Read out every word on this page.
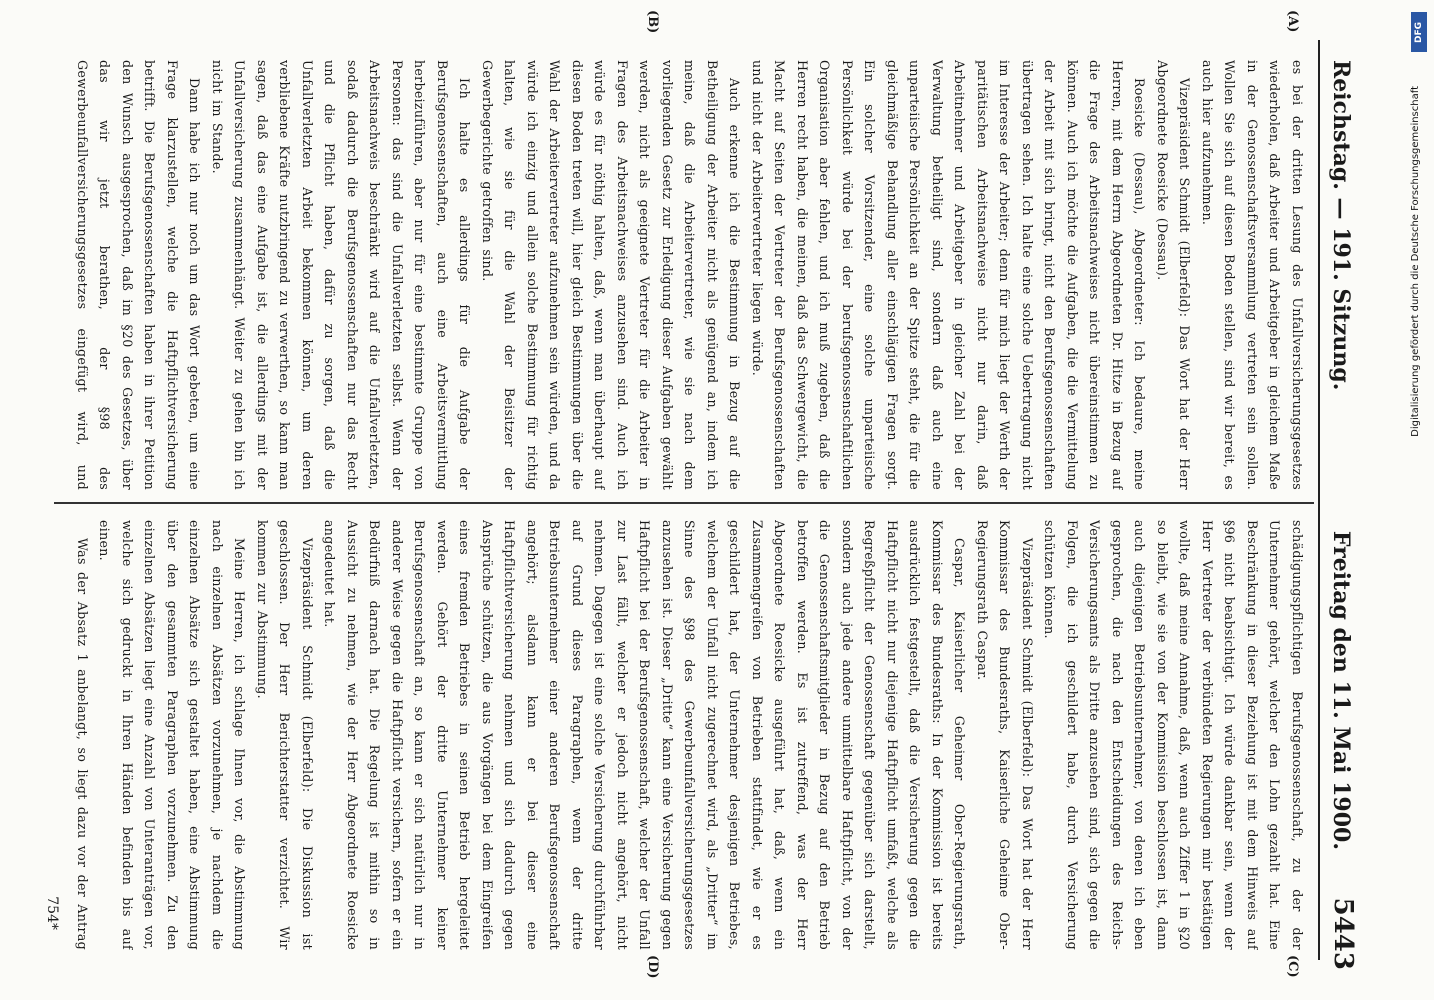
Reichstag. — 191. Sitzung.
Freitag den 11. Mai 1900.
5443
(A)
(B)
(C)
(D)

es bei der dritten Lesung des Unfallversicherungsgesetzes wiederholen, daß Arbeiter und Arbeitgeber in gleichem Maße in der Genossenschaftsversammlung vertreten sein sollen. Wollen Sie sich auf diesen Boden stellen, sind wir bereit, es auch hier aufzunehmen.

Vizepräsident Schmidt (Elberfeld): Das Wort hat der Herr Abgeordnete Roesicke (Dessau).

Roesicke (Dessau), Abgeordneter: Ich bedaure, meine Herren, mit dem Herrn Abgeordneten Dr. Hitze in Bezug auf die Frage des Arbeitsnachweises nicht übereinstimmen zu können. Auch ich möchte die Aufgaben, die die Vermittelung der Arbeit mit sich bringt, nicht den Berufsgenossenschaften übertragen sehen. Ich halte eine solche Uebertragung nicht im Interesse der Arbeiter; denn für mich liegt der Werth der paritätischen Arbeitsnachweise nicht nur darin, daß Arbeitnehmer und Arbeitgeber in gleicher Zahl bei der Verwaltung betheiligt sind, sondern daß auch eine unparteiische Persönlichkeit an der Spitze steht, die für die gleichmäßige Behandlung aller einschlägigen Fragen sorgt. Ein solcher Vorsitzender, eine solche unparteiische Persönlichkeit würde bei der berufsgenossenschaftlichen Organisation aber fehlen, und ich muß zugeben, daß die Herren recht haben, die meinen, daß das Schwergewicht, die Macht auf Seiten der Vertreter der Berufsgenossenschaften und nicht der Arbeitervertreter liegen würde.

Auch erkenne ich die Bestimmung in Bezug auf die Betheiligung der Arbeiter nicht als genügend an, indem ich meine, daß die Arbeitervertreter, wie sie nach dem vorliegenden Gesetz zur Erledigung dieser Aufgaben gewählt werden, nicht als geeignete Vertreter für die Arbeiter in Fragen des Arbeitsnachweises anzusehen sind. Auch ich würde es für nöthig halten, daß, wenn man überhaupt auf diesen Boden treten will, hier gleich Bestimmungen über die Wahl der Arbeitervertreter aufzunehmen sein würden, und da würde ich einzig und allein solche Bestimmung für richtig halten, wie sie für die Wahl der Beisitzer der Gewerbegerichte getroffen sind.

Ich halte es allerdings für die Aufgabe der Berufsgenossenschaften, auch eine Arbeitsvermittlung herbeizuführen, aber nur für eine bestimmte Gruppe von Personen: das sind die Unfallverletzten selbst. Wenn der Arbeitsnachweis beschränkt wird auf die Unfallverletzten, sodaß dadurch die Berufsgenossenschaften nur das Recht und die Pflicht haben, dafür zu sorgen, daß die Unfallverletzten Arbeit bekommen können, um deren verbliebene Kräfte nutzbringend zu verwerthen, so kann man sagen, daß das eine Aufgabe ist, die allerdings mit der Unfallversicherung zusammenhängt. Weiter zu gehen bin ich nicht im Stande.

Dann habe ich nur noch um das Wort gebeten, um eine Frage klarzustellen, welche die Haftpflichtversicherung betrifft. Die Berufsgenossenschaften haben in ihrer Petition den Wunsch ausgesprochen, daß im §20 des Gesetzes, über das wir jetzt berathen, der §98 des Gewerbeunfallversicherungsgesetzes eingefügt wird, und

schädigungspflichtigen Berufsgenossenschaft, zu der der Unternehmer gehört, welcher den Lohn gezahlt hat. Eine Beschränkung in dieser Beziehung ist mit dem Hinweis auf §96 nicht beabsichtigt. Ich würde dankbar sein, wenn der Herr Vertreter der verbündeten Regierungen mir bestätigen wollte, daß meine Annahme, daß, wenn auch Ziffer 1 in §20 so bleibt, wie sie von der Kommission beschlossen ist, dann auch diejenigen Betriebsunternehmer, von denen ich eben gesprochen, die nach den Entscheidungen des Reichs-Versicherungsamts als Dritte anzusehen sind, sich gegen die Folgen, die ich geschildert habe, durch Versicherung schützen können.

Vizepräsident Schmidt (Elberfeld): Das Wort hat der Herr Kommissar des Bundesraths, Kaiserliche Geheime Ober-Regierungsrath Caspar.

Caspar, Kaiserlicher Geheimer Ober-Regierungsrath, Kommissar des Bundesraths: In der Kommission ist bereits ausdrücklich festgestellt, daß die Versicherung gegen die Haftpflicht nicht nur diejenige Haftpflicht umfaßt, welche als Regreßpflicht der Genossenschaft gegenüber sich darstellt, sondern auch jede andere unmittelbare Haftpflicht, von der die Genossenschaftsmitglieder in Bezug auf den Betrieb betroffen werden. Es ist zutreffend, was der Herr Abgeordnete Roesicke ausgeführt hat, daß, wenn ein Zusammengreifen von Betrieben stattfindet, wie er es geschildert hat, der Unternehmer desjenigen Betriebes, welchem der Unfall nicht zugerechnet wird, als „Dritter“ im Sinne des §98 des Gewerbeunfallversicherungsgesetzes anzusehen ist. Dieser „Dritte“ kann eine Versicherung gegen Haftpflicht bei der Berufsgenossenschaft, welcher der Unfall zur Last fällt, welcher er jedoch nicht angehört, nicht nehmen. Dagegen ist eine solche Versicherung durchführbar auf Grund dieses Paragraphen, wenn der dritte Betriebsunternehmer einer anderen Berufsgenossenschaft angehört; alsdann kann er bei dieser eine Haftpflichtversicherung nehmen und sich dadurch gegen Ansprüche schützen, die aus Vorgängen bei dem Eingreifen eines fremden Betriebes in seinen Betrieb hergeleitet werden. Gehört der dritte Unternehmer keiner Berufsgenossenschaft an, so kann er sich natürlich nur in anderer Weise gegen die Haftpflicht versichern, sofern er ein Bedürfniß darnach hat. Die Regelung ist mithin so in Aussicht zu nehmen, wie der Herr Abgeordnete Roesicke angedeutet hat.

Vizepräsident Schmidt (Elberfeld): Die Diskussion ist geschlossen. Der Herr Berichterstatter verzichtet. Wir kommen zur Abstimmung.

Meine Herren, ich schlage Ihnen vor, die Abstimmung nach einzelnen Absätzen vorzunehmen, je nachdem die einzelnen Absätze sich gestaltet haben, eine Abstimmung über den gesammten Paragraphen vorzunehmen. Zu den einzelnen Absätzen liegt eine Anzahl von Unteranträgen vor, welche sich gedruckt in Ihren Händen befinden bis auf einen.

Was der Absatz 1 anbelangt, so liegt dazu vor der Antrag

754*
DFG
Digitalisierung gefördert durch die Deutsche Forschungsgemeinschaft
